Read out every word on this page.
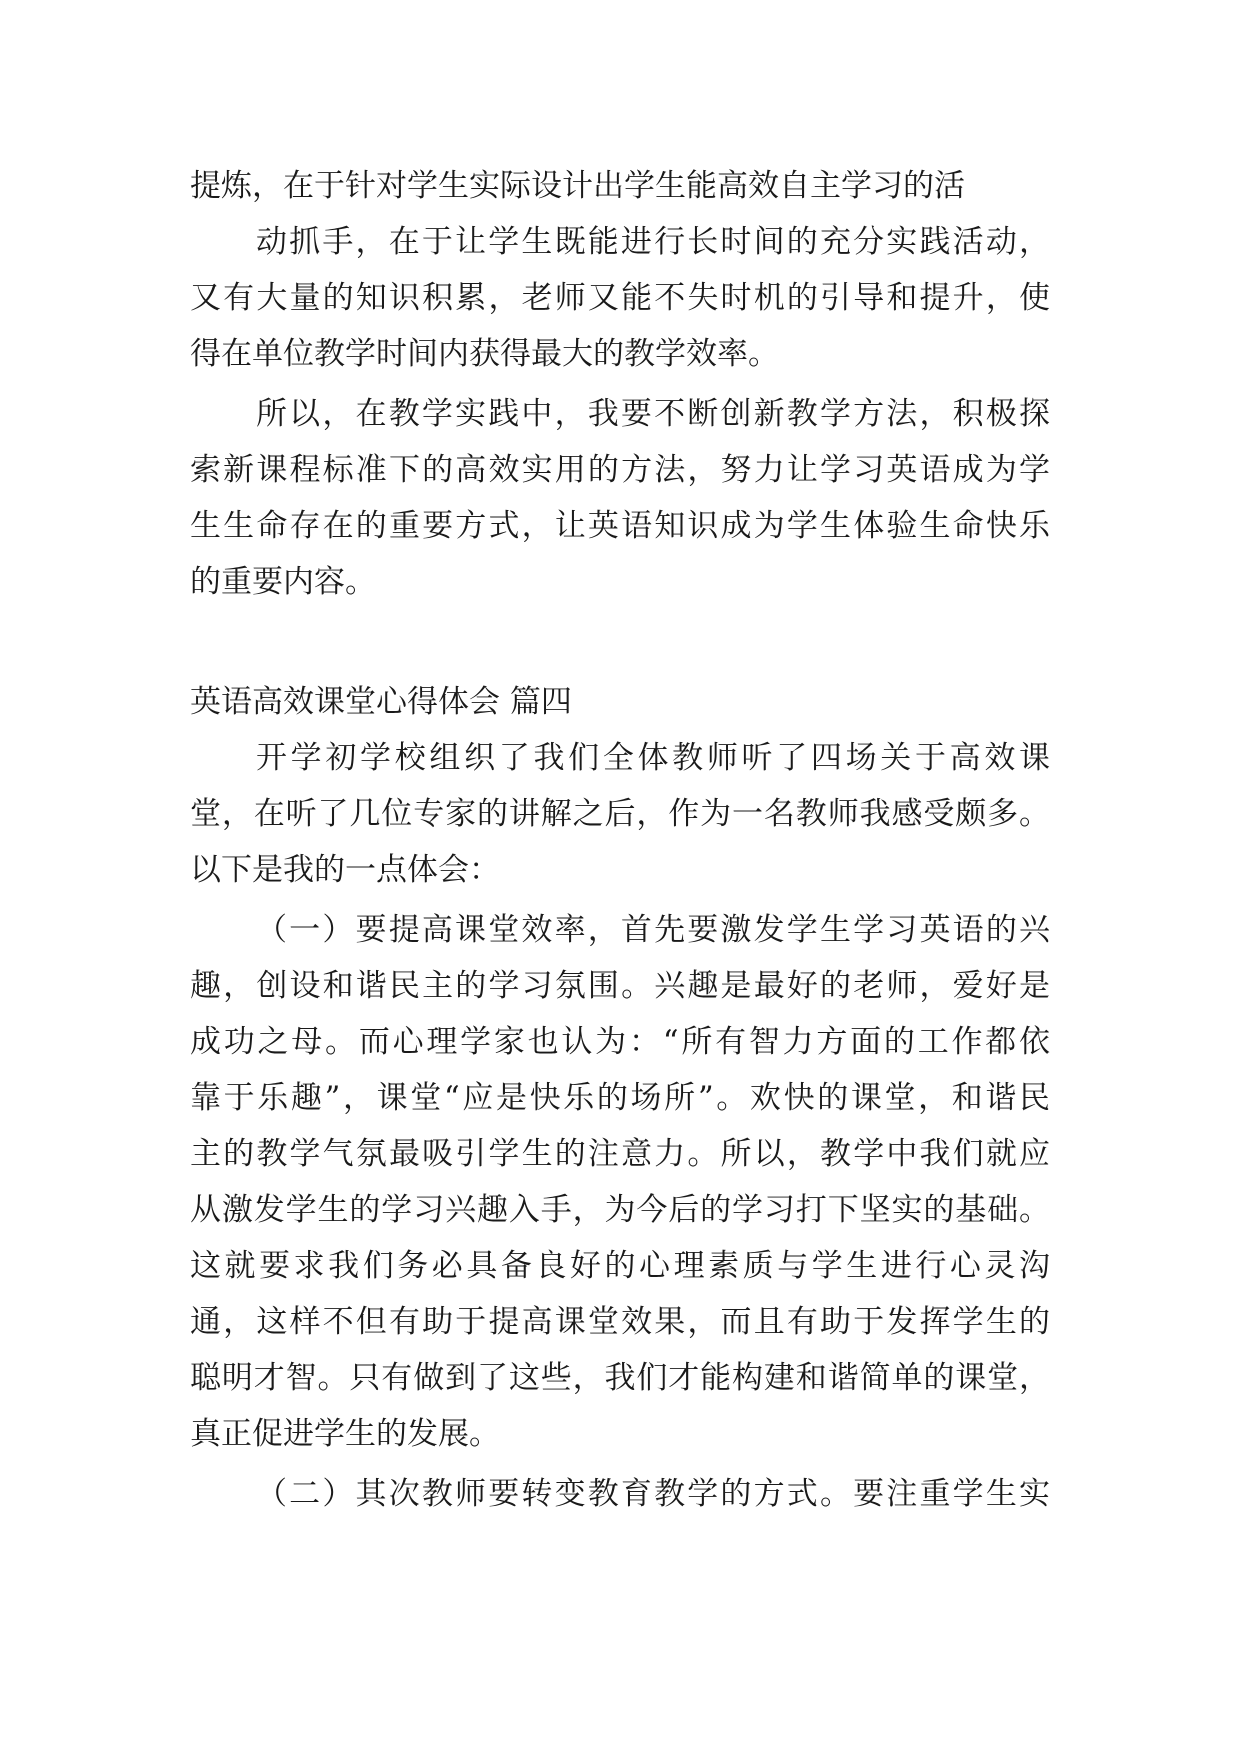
提炼，在于针对学生实际设计出学生能高效自主学习的活
动抓手，在于让学生既能进行长时间的充分实践活动，
又有大量的知识积累，老师又能不失时机的引导和提升，使
得在单位教学时间内获得最大的教学效率。
所以，在教学实践中，我要不断创新教学方法，积极探
索新课程标准下的高效实用的方法，努力让学习英语成为学
生生命存在的重要方式，让英语知识成为学生体验生命快乐
的重要内容。
英语高效课堂心得体会 篇四
开学初学校组织了我们全体教师听了四场关于高效课
堂，在听了几位专家的讲解之后，作为一名教师我感受颇多。
以下是我的一点体会：
（一）要提高课堂效率，首先要激发学生学习英语的兴
趣，创设和谐民主的学习氛围。兴趣是最好的老师，爱好是
成功之母。而心理学家也认为：“所有智力方面的工作都依
靠于乐趣”，课堂“应是快乐的场所”。欢快的课堂，和谐民
主的教学气氛最吸引学生的注意力。所以，教学中我们就应
从激发学生的学习兴趣入手，为今后的学习打下坚实的基础。
这就要求我们务必具备良好的心理素质与学生进行心灵沟
通，这样不但有助于提高课堂效果，而且有助于发挥学生的
聪明才智。只有做到了这些，我们才能构建和谐简单的课堂，
真正促进学生的发展。
（二）其次教师要转变教育教学的方式。要注重学生实
